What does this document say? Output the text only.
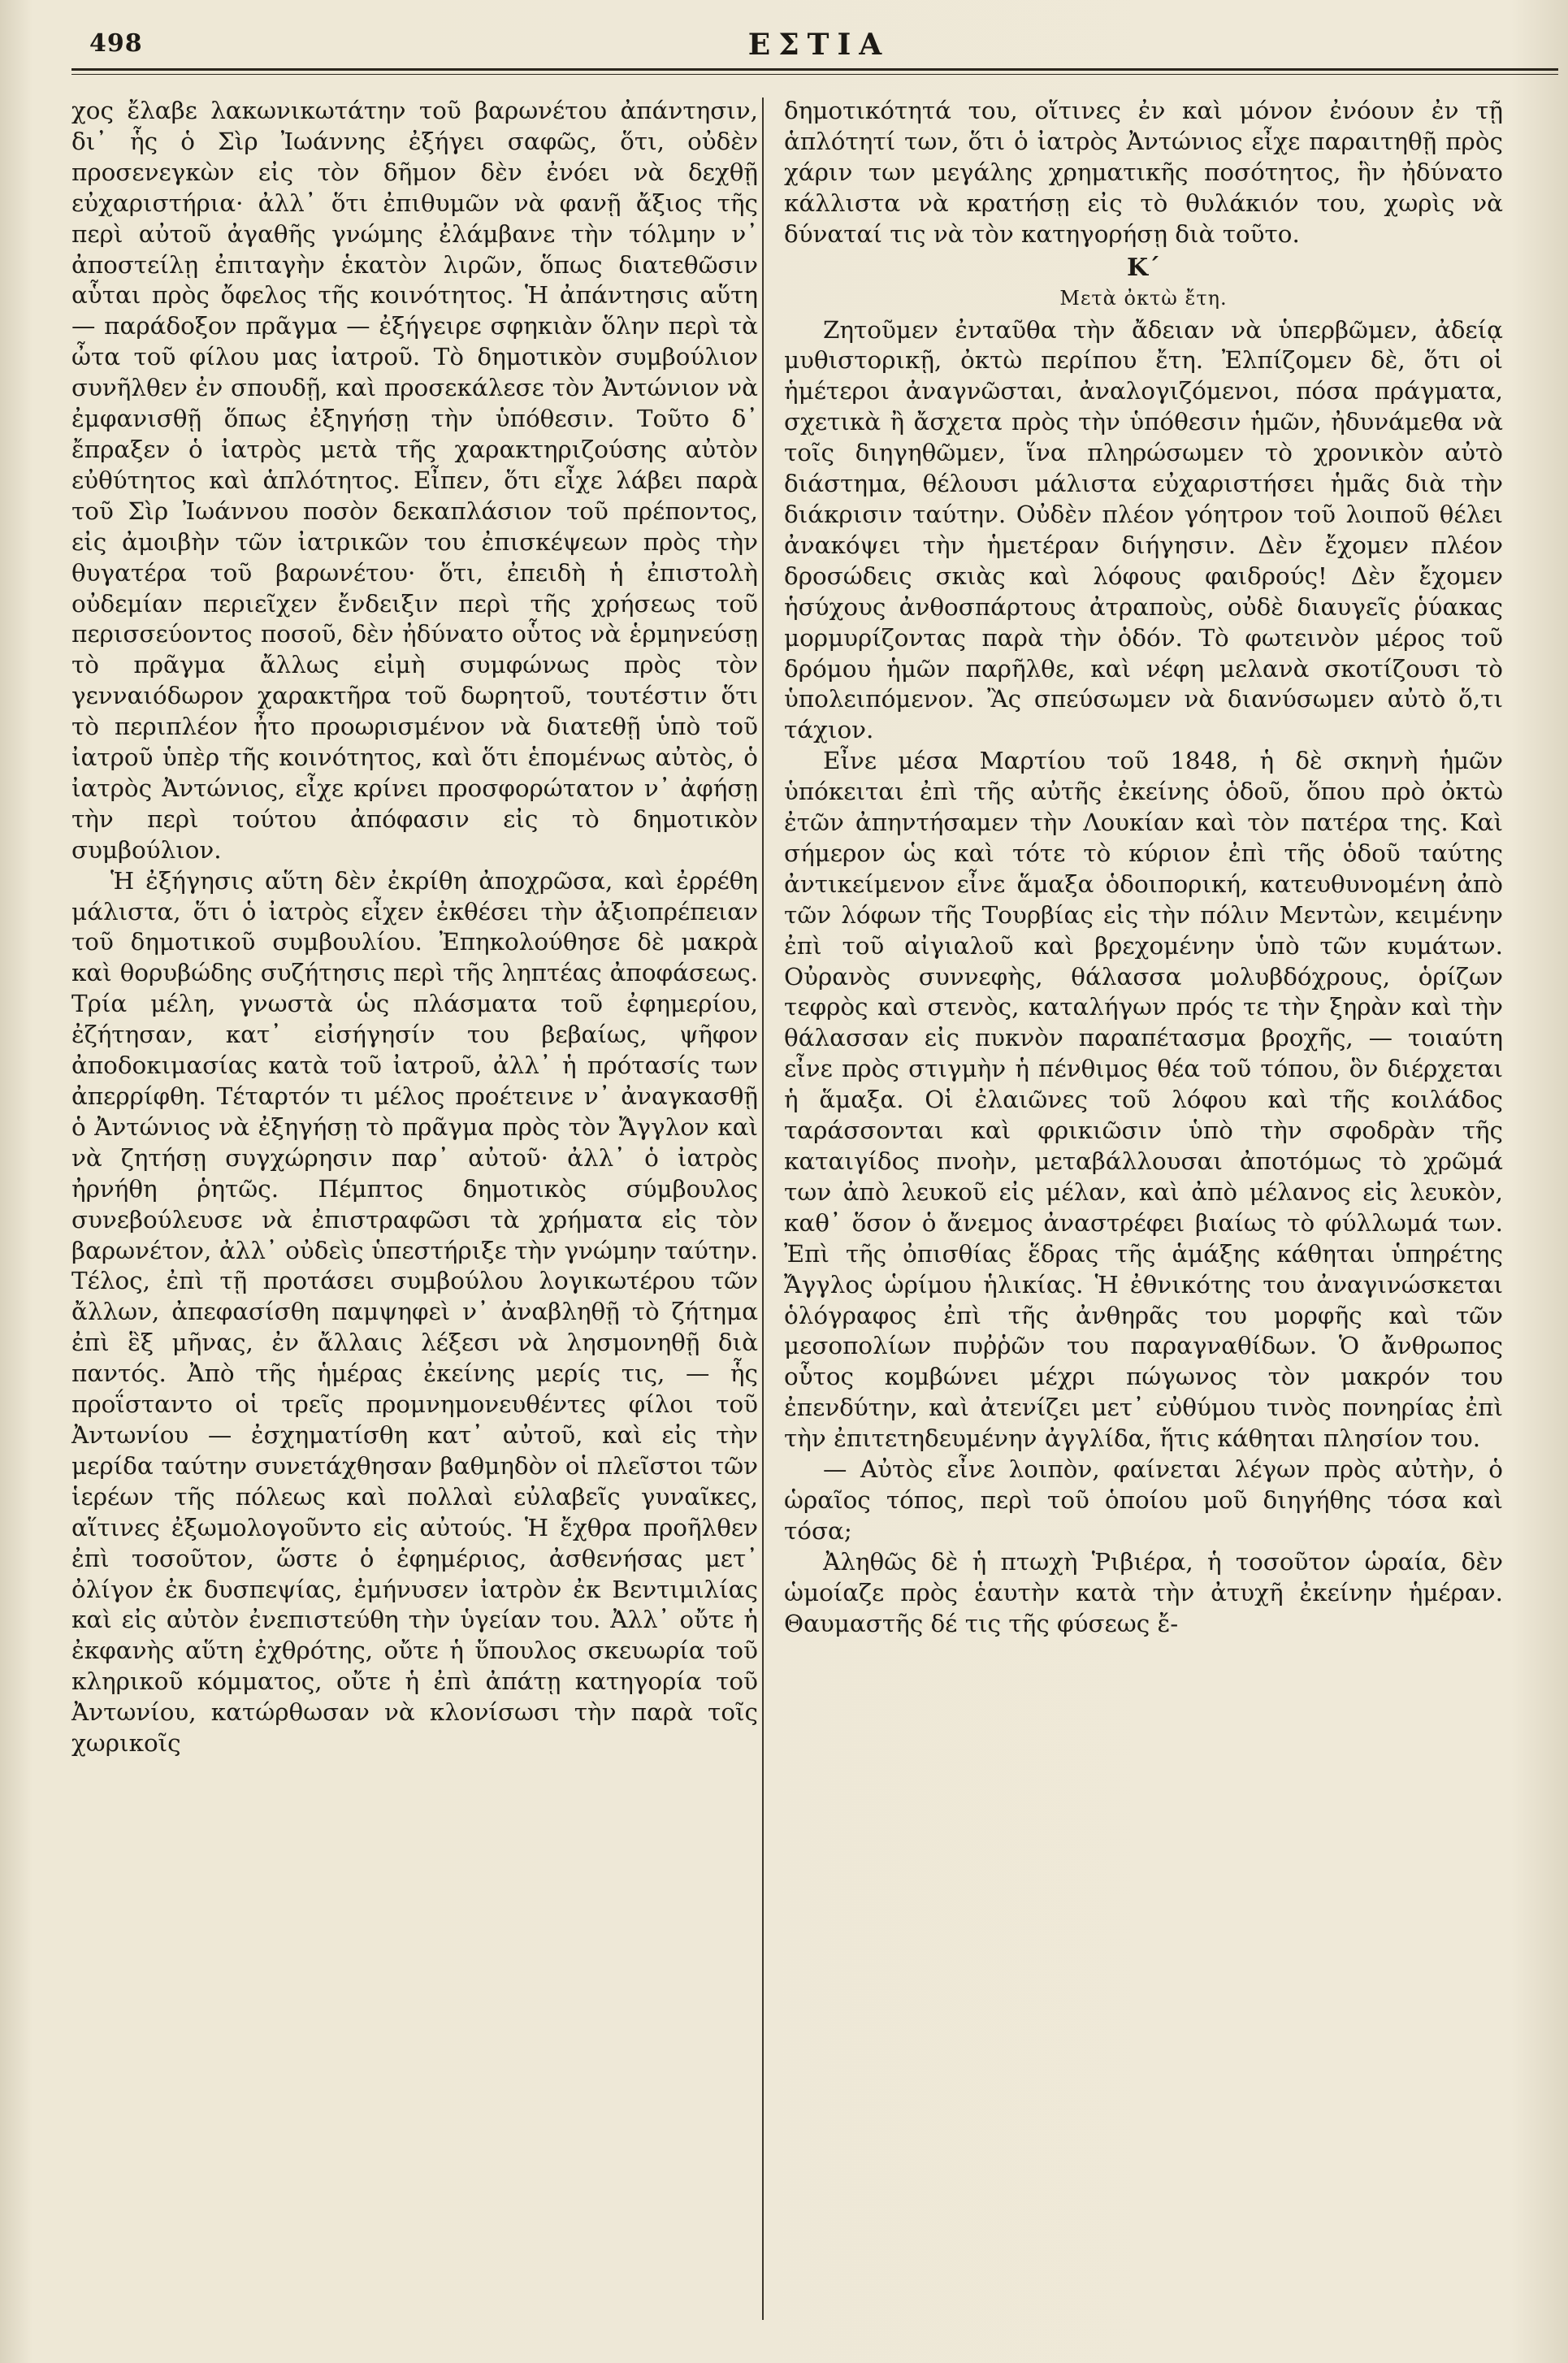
498	ΕΣΤΙΑ

χος ἔλαβε λακωνικωτάτην τοῦ βαρωνέτου ἀπάντησιν, δι᾿ ἧς ὁ Σὶρ Ἰωάννης ἐξήγει σαφῶς, ὅτι, οὐδὲν προσενεγκὼν εἰς τὸν δῆμον δὲν ἐνόει νὰ δεχθῇ εὐχαριστήρια· ἀλλ᾿ ὅτι ἐπιθυμῶν νὰ φανῇ ἄξιος τῆς περὶ αὐτοῦ ἀγαθῆς γνώμης ἐλάμβανε τὴν τόλμην ν᾿ ἀποστείλῃ ἐπιταγὴν ἑκατὸν λιρῶν, ὅπως διατεθῶσιν αὗται πρὸς ὄφελος τῆς κοινότητος. Ἡ ἀπάντησις αὕτη — παράδοξον πρᾶγμα — ἐξήγειρε σφηκιὰν ὅλην περὶ τὰ ὦτα τοῦ φίλου μας ἰατροῦ. Τὸ δημοτικὸν συμβούλιον συνῆλθεν ἐν σπουδῇ, καὶ προσεκάλεσε τὸν Ἀντώνιον νὰ ἐμφανισθῇ ὅπως ἐξηγήσῃ τὴν ὑπόθεσιν. Τοῦτο δ᾿ ἔπραξεν ὁ ἰατρὸς μετὰ τῆς χαρακτηριζούσης αὐτὸν εὐθύτητος καὶ ἁπλότητος. Εἶπεν, ὅτι εἶχε λάβει παρὰ τοῦ Σὶρ Ἰωάννου ποσὸν δεκαπλάσιον τοῦ πρέποντος, εἰς ἀμοιβὴν τῶν ἰατρικῶν του ἐπισκέψεων πρὸς τὴν θυγατέρα τοῦ βαρωνέτου· ὅτι, ἐπειδὴ ἡ ἐπιστολὴ οὐδεμίαν περιεῖχεν ἔνδειξιν περὶ τῆς χρήσεως τοῦ περισσεύοντος ποσοῦ, δὲν ἠδύνατο οὗτος νὰ ἑρμηνεύσῃ τὸ πρᾶγμα ἄλλως εἰμὴ συμφώνως πρὸς τὸν γενναιόδωρον χαρακτῆρα τοῦ δωρητοῦ, τουτέστιν ὅτι τὸ περιπλέον ἦτο προωρισμένον νὰ διατεθῇ ὑπὸ τοῦ ἰατροῦ ὑπὲρ τῆς κοινότητος, καὶ ὅτι ἑπομένως αὐτὸς, ὁ ἰατρὸς Ἀντώνιος, εἶχε κρίνει προσφορώτατον ν᾿ ἀφήσῃ τὴν περὶ τούτου ἀπόφασιν εἰς τὸ δημοτικὸν συμβούλιον.

Ἡ ἐξήγησις αὕτη δὲν ἐκρίθη ἀποχρῶσα, καὶ ἐρρέθη μάλιστα, ὅτι ὁ ἰατρὸς εἶχεν ἐκθέσει τὴν ἀξιοπρέπειαν τοῦ δημοτικοῦ συμβουλίου. Ἐπηκολούθησε δὲ μακρὰ καὶ θορυβώδης συζήτησις περὶ τῆς ληπτέας ἀποφάσεως. Τρία μέλη, γνωστὰ ὡς πλάσματα τοῦ ἐφημερίου, ἐζήτησαν, κατ᾿ εἰσήγησίν του βεβαίως, ψῆφον ἀποδοκιμασίας κατὰ τοῦ ἰατροῦ, ἀλλ᾿ ἡ πρότασίς των ἀπερρίφθη. Τέταρτόν τι μέλος προέτεινε ν᾿ ἀναγκασθῇ ὁ Ἀντώνιος νὰ ἐξηγήσῃ τὸ πρᾶγμα πρὸς τὸν Ἄγγλον καὶ νὰ ζητήσῃ συγχώρησιν παρ᾿ αὐτοῦ· ἀλλ᾿ ὁ ἰατρὸς ἠρνήθη ῥητῶς. Πέμπτος δημοτικὸς σύμβουλος συνεβούλευσε νὰ ἐπιστραφῶσι τὰ χρήματα εἰς τὸν βαρωνέτον, ἀλλ᾿ οὐδεὶς ὑπεστήριξε τὴν γνώμην ταύτην. Τέλος, ἐπὶ τῇ προτάσει συμβούλου λογικωτέρου τῶν ἄλλων, ἀπεφασίσθη παμψηφεὶ ν᾿ ἀναβληθῇ τὸ ζήτημα ἐπὶ ἓξ μῆνας, ἐν ἄλλαις λέξεσι νὰ λησμονηθῇ διὰ παντός. Ἀπὸ τῆς ἡμέρας ἐκείνης μερίς τις, — ἧς προΐσταντο οἱ τρεῖς προμνημονευθέντες φίλοι τοῦ Ἀντωνίου — ἐσχηματίσθη κατ᾿ αὐτοῦ, καὶ εἰς τὴν μερίδα ταύτην συνετάχθησαν βαθμηδὸν οἱ πλεῖστοι τῶν ἱερέων τῆς πόλεως καὶ πολλαὶ εὐλαβεῖς γυναῖκες, αἵτινες ἐξωμολογοῦντο εἰς αὐτούς. Ἡ ἔχθρα προῆλθεν ἐπὶ τοσοῦτον, ὥστε ὁ ἐφημέριος, ἀσθενήσας μετ᾿ ὀλίγον ἐκ δυσπεψίας, ἐμήνυσεν ἰατρὸν ἐκ Βεντιμιλίας καὶ εἰς αὐτὸν ἐνεπιστεύθη τὴν ὑγείαν του. Ἀλλ᾿ οὔτε ἡ ἐκφανὴς αὕτη ἐχθρότης, οὔτε ἡ ὕπουλος σκευωρία τοῦ κληρικοῦ κόμματος, οὔτε ἡ ἐπὶ ἀπάτῃ κατηγορία τοῦ Ἀντωνίου, κατώρθωσαν νὰ κλονίσωσι τὴν παρὰ τοῖς χωρικοῖς

δημοτικότητά του, οἵτινες ἐν καὶ μόνον ἐνόουν ἐν τῇ ἁπλότητί των, ὅτι ὁ ἰατρὸς Ἀντώνιος εἶχε παραιτηθῇ πρὸς χάριν των μεγάλης χρηματικῆς ποσότητος, ἣν ἠδύνατο κάλλιστα νὰ κρατήσῃ εἰς τὸ θυλάκιόν του, χωρὶς νὰ δύναταί τις νὰ τὸν κατηγορήσῃ διὰ τοῦτο.

Κ΄
Μετὰ ὀκτὼ ἔτη.

Ζητοῦμεν ἐνταῦθα τὴν ἄδειαν νὰ ὑπερβῶμεν, ἀδείᾳ μυθιστορικῇ, ὀκτὼ περίπου ἔτη. Ἐλπίζομεν δὲ, ὅτι οἱ ἡμέτεροι ἀναγνῶσται, ἀναλογιζόμενοι, πόσα πράγματα, σχετικὰ ἢ ἄσχετα πρὸς τὴν ὑπόθεσιν ἡμῶν, ἠδυνάμεθα νὰ τοῖς διηγηθῶμεν, ἵνα πληρώσωμεν τὸ χρονικὸν αὐτὸ διάστημα, θέλουσι μάλιστα εὐχαριστήσει ἡμᾶς διὰ τὴν διάκρισιν ταύτην. Οὐδὲν πλέον γόητρον τοῦ λοιποῦ θέλει ἀνακόψει τὴν ἡμετέραν διήγησιν. Δὲν ἔχομεν πλέον δροσώδεις σκιὰς καὶ λόφους φαιδρούς! Δὲν ἔχομεν ἡσύχους ἀνθοσπάρτους ἀτραποὺς, οὐδὲ διαυγεῖς ῥύακας μορμυρίζοντας παρὰ τὴν ὁδόν. Τὸ φωτεινὸν μέρος τοῦ δρόμου ἡμῶν παρῆλθε, καὶ νέφη μελανὰ σκοτίζουσι τὸ ὑπολειπόμενον. Ἂς σπεύσωμεν νὰ διανύσωμεν αὐτὸ ὅ,τι τάχιον.

Εἶνε μέσα Μαρτίου τοῦ 1848, ἡ δὲ σκηνὴ ἡμῶν ὑπόκειται ἐπὶ τῆς αὐτῆς ἐκείνης ὁδοῦ, ὅπου πρὸ ὀκτὼ ἐτῶν ἀπηντήσαμεν τὴν Λουκίαν καὶ τὸν πατέρα της. Καὶ σήμερον ὡς καὶ τότε τὸ κύριον ἐπὶ τῆς ὁδοῦ ταύτης ἀντικείμενον εἶνε ἅμαξα ὁδοιπορική, κατευθυνομένη ἀπὸ τῶν λόφων τῆς Τουρβίας εἰς τὴν πόλιν Μεντὼν, κειμένην ἐπὶ τοῦ αἰγιαλοῦ καὶ βρεχομένην ὑπὸ τῶν κυμάτων. Οὐρανὸς συννεφὴς, θάλασσα μολυβδόχρους, ὁρίζων τεφρὸς καὶ στενὸς, καταλήγων πρός τε τὴν ξηρὰν καὶ τὴν θάλασσαν εἰς πυκνὸν παραπέτασμα βροχῆς, — τοιαύτη εἶνε πρὸς στιγμὴν ἡ πένθιμος θέα τοῦ τόπου, ὃν διέρχεται ἡ ἅμαξα. Οἱ ἐλαιῶνες τοῦ λόφου καὶ τῆς κοιλάδος ταράσσονται καὶ φρικιῶσιν ὑπὸ τὴν σφοδρὰν τῆς καταιγίδος πνοὴν, μεταβάλλουσαι ἀποτόμως τὸ χρῶμά των ἀπὸ λευκοῦ εἰς μέλαν, καὶ ἀπὸ μέλανος εἰς λευκὸν, καθ᾿ ὅσον ὁ ἄνεμος ἀναστρέφει βιαίως τὸ φύλλωμά των. Ἐπὶ τῆς ὀπισθίας ἕδρας τῆς ἁμάξης κάθηται ὑπηρέτης Ἄγγλος ὡρίμου ἡλικίας. Ἡ ἐθνικότης του ἀναγινώσκεται ὁλόγραφος ἐπὶ τῆς ἀνθηρᾶς του μορφῆς καὶ τῶν μεσοπολίων πυῤῥῶν του παραγναθίδων. Ὁ ἄνθρωπος οὗτος κομβώνει μέχρι πώγωνος τὸν μακρόν του ἐπενδύτην, καὶ ἀτενίζει μετ᾿ εὐθύμου τινὸς πονηρίας ἐπὶ τὴν ἐπιτετηδευμένην ἀγγλίδα, ἥτις κάθηται πλησίον του.

— Αὐτὸς εἶνε λοιπὸν, φαίνεται λέγων πρὸς αὐτὴν, ὁ ὡραῖος τόπος, περὶ τοῦ ὁποίου μοῦ διηγήθης τόσα καὶ τόσα;

Ἀληθῶς δὲ ἡ πτωχὴ Ῥιβιέρα, ἡ τοσοῦτον ὡραία, δὲν ὡμοίαζε πρὸς ἑαυτὴν κατὰ τὴν ἀτυχῆ ἐκείνην ἡμέραν. Θαυμαστῆς δέ τις τῆς φύσεως ἔ-
